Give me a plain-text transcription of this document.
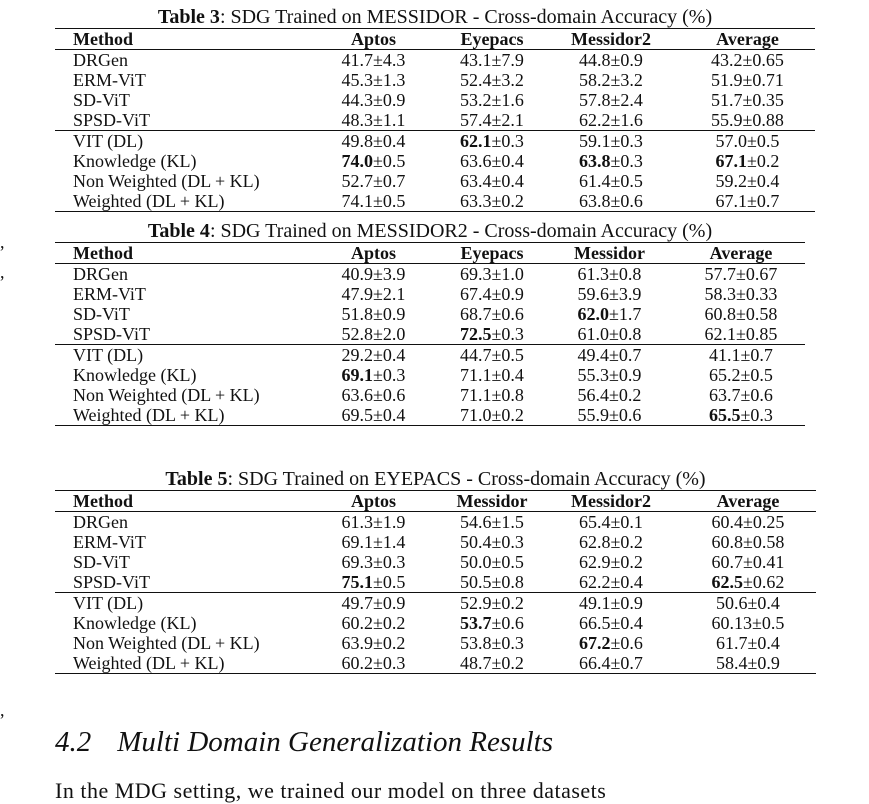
,
,
,
Table 3: SDG Trained on MESSIDOR - Cross-domain Accuracy (%)
Method	Aptos	Eyepacs	Messidor2	Average
DRGen	41.7±4.3	43.1±7.9	44.8±0.9	43.2±0.65
ERM-ViT	45.3±1.3	52.4±3.2	58.2±3.2	51.9±0.71
SD-ViT	44.3±0.9	53.2±1.6	57.8±2.4	51.7±0.35
SPSD-ViT	48.3±1.1	57.4±2.1	62.2±1.6	55.9±0.88
VIT (DL)	49.8±0.4	62.1±0.3	59.1±0.3	57.0±0.5
Knowledge (KL)	74.0±0.5	63.6±0.4	63.8±0.3	67.1±0.2
Non Weighted (DL + KL)	52.7±0.7	63.4±0.4	61.4±0.5	59.2±0.4
Weighted (DL + KL)	74.1±0.5	63.3±0.2	63.8±0.6	67.1±0.7
Table 4: SDG Trained on MESSIDOR2 - Cross-domain Accuracy (%)
Method	Aptos	Eyepacs	Messidor	Average
DRGen	40.9±3.9	69.3±1.0	61.3±0.8	57.7±0.67
ERM-ViT	47.9±2.1	67.4±0.9	59.6±3.9	58.3±0.33
SD-ViT	51.8±0.9	68.7±0.6	62.0±1.7	60.8±0.58
SPSD-ViT	52.8±2.0	72.5±0.3	61.0±0.8	62.1±0.85
VIT (DL)	29.2±0.4	44.7±0.5	49.4±0.7	41.1±0.7
Knowledge (KL)	69.1±0.3	71.1±0.4	55.3±0.9	65.2±0.5
Non Weighted (DL + KL)	63.6±0.6	71.1±0.8	56.4±0.2	63.7±0.6
Weighted (DL + KL)	69.5±0.4	71.0±0.2	55.9±0.6	65.5±0.3
Table 5: SDG Trained on EYEPACS - Cross-domain Accuracy (%)
Method	Aptos	Messidor	Messidor2	Average
DRGen	61.3±1.9	54.6±1.5	65.4±0.1	60.4±0.25
ERM-ViT	69.1±1.4	50.4±0.3	62.8±0.2	60.8±0.58
SD-ViT	69.3±0.3	50.0±0.5	62.9±0.2	60.7±0.41
SPSD-ViT	75.1±0.5	50.5±0.8	62.2±0.4	62.5±0.62
VIT (DL)	49.7±0.9	52.9±0.2	49.1±0.9	50.6±0.4
Knowledge (KL)	60.2±0.2	53.7±0.6	66.5±0.4	60.13±0.5
Non Weighted (DL + KL)	63.9±0.2	53.8±0.3	67.2±0.6	61.7±0.4
Weighted (DL + KL)	60.2±0.3	48.7±0.2	66.4±0.7	58.4±0.9
4.2 Multi Domain Generalization Results
In the MDG setting, we trained our model on three datasets
